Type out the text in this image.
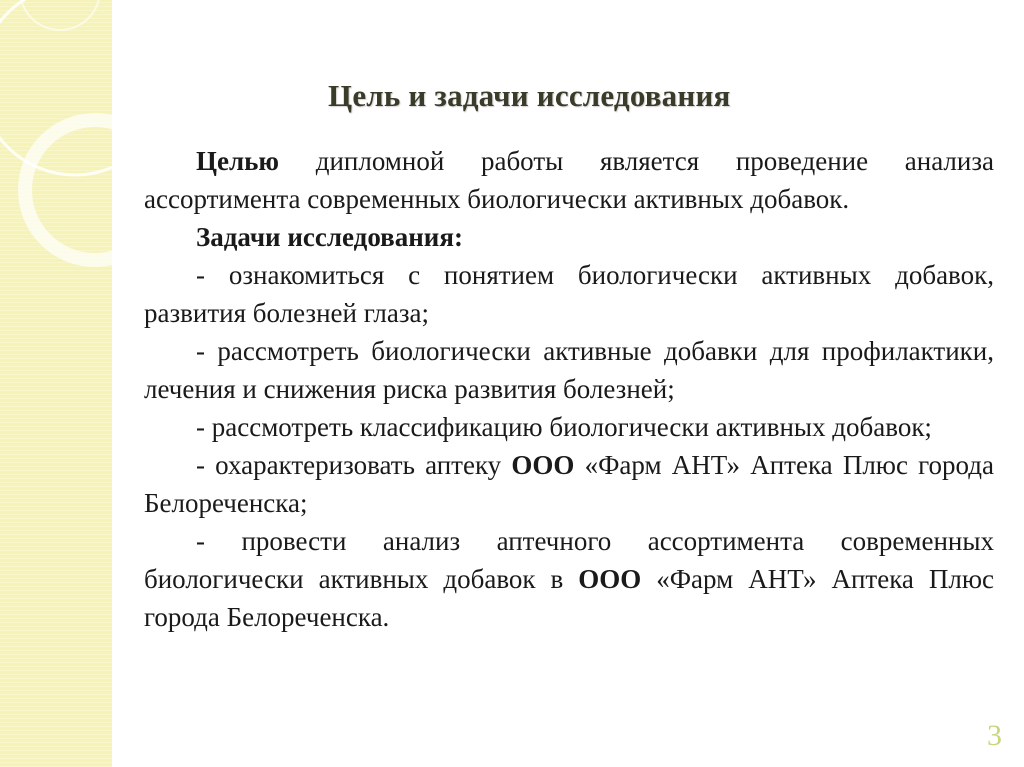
Цель и задачи исследования

Целью дипломной работы является проведение анализа ассортимента современных биологически активных добавок.

Задачи исследования:

- ознакомиться с понятием биологически активных добавок, развития болезней глаза;

- рассмотреть биологически активные добавки для профилактики, лечения и снижения риска развития болезней;

- рассмотреть классификацию биологически активных добавок;

- охарактеризовать аптеку ООО «Фарм АНТ» Аптека Плюс города Белореченска;

- провести анализ аптечного ассортимента современных биологически активных добавок в ООО «Фарм АНТ» Аптека Плюс города Белореченска.

3
